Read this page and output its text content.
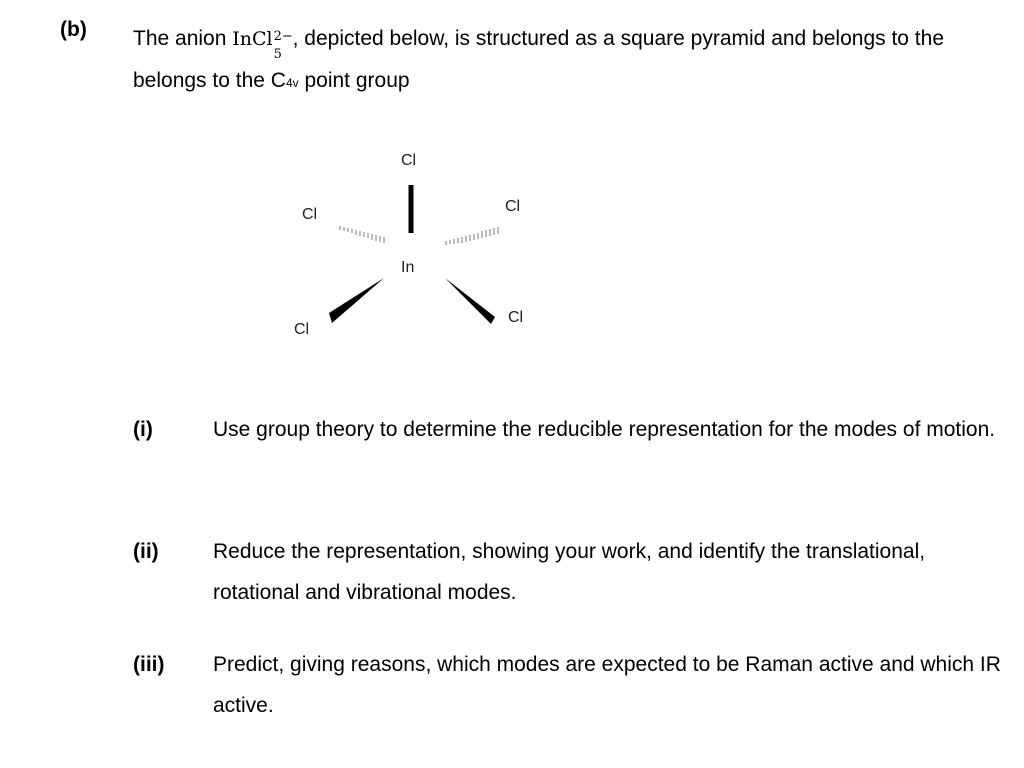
(b) The anion InCl 2−
5
, depicted below, is structured as a square pyramid and belongs to the belongs to the C4v point group
Cl
Cl	Cl
Cl
Cl
In
(i)	Use group theory to determine the reducible representation for the modes of motion.
(ii)	Reduce the representation, showing your work, and identify the translational, rotational and vibrational modes.
(iii) Predict, giving reasons, which modes are expected to be Raman active and which IR active.
